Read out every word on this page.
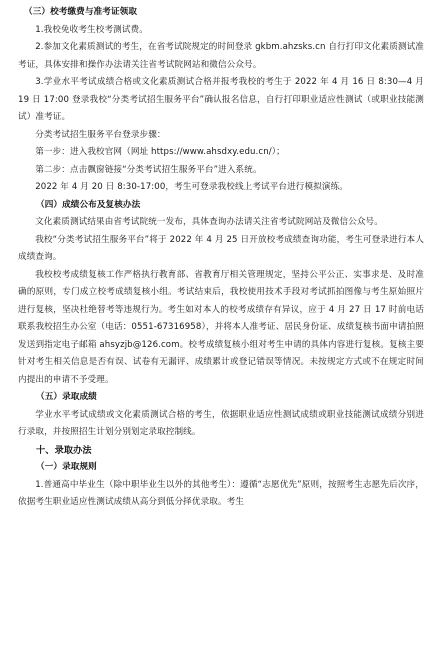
（三）校考缴费与准考证领取

1.我校免收考生校考测试费。

2.参加文化素质测试的考生，在省考试院规定的时间登录 gkbm.ahzsks.cn 自行打印文化素质测试准考证，具体安排和操作办法请关注省考试院网站和微信公众号。

3.学业水平考试成绩合格或文化素质测试合格并报考我校的考生于 2022 年 4 月 16 日 8:30—4 月 19 日 17:00 登录我校“分类考试招生服务平台”确认报名信息，自行打印职业适应性测试（或职业技能测试）准考证。

分类考试招生服务平台登录步骤：

第一步：进入我校官网（网址 https://www.ahsdxy.edu.cn/）；

第二步：点击飘窗链接“分类考试招生服务平台”进入系统。

2022 年 4 月 20 日 8:30-17:00，考生可登录我校线上考试平台进行模拟演练。

（四）成绩公布及复核办法

文化素质测试结果由省考试院统一发布，具体查询办法请关注省考试院网站及微信公众号。

我校“分类考试招生服务平台”将于 2022 年 4 月 25 日开放校考成绩查询功能，考生可登录进行本人成绩查询。

我校校考成绩复核工作严格执行教育部、省教育厅相关管理规定，坚持公平公正、实事求是、及时准确的原则，专门成立校考成绩复核小组。考试结束后，我校使用技术手段对考试抓拍图像与考生原始照片进行复核，坚决杜绝替考等违规行为。考生如对本人的校考成绩存有异议，应于 4 月 27 日 17 时前电话联系我校招生办公室（电话：0551-67316958），并将本人准考证、居民身份证、成绩复核书面申请拍照发送到指定电子邮箱 ahsyzjb@126.com。校考成绩复核小组对考生申请的具体内容进行复核。复核主要针对考生相关信息是否有误、试卷有无漏评、成绩累计或登记错误等情况。未按规定方式或不在规定时间内提出的申请不予受理。

（五）录取成绩

学业水平考试成绩或文化素质测试合格的考生，依据职业适应性测试成绩或职业技能测试成绩分别进行录取，并按照招生计划分别划定录取控制线。

十、录取办法
（一）录取规则

1.普通高中毕业生（除中职毕业生以外的其他考生）：遵循“志愿优先”原则，按照考生志愿先后次序，依据考生职业适应性测试成绩从高分到低分择优录取。考生
